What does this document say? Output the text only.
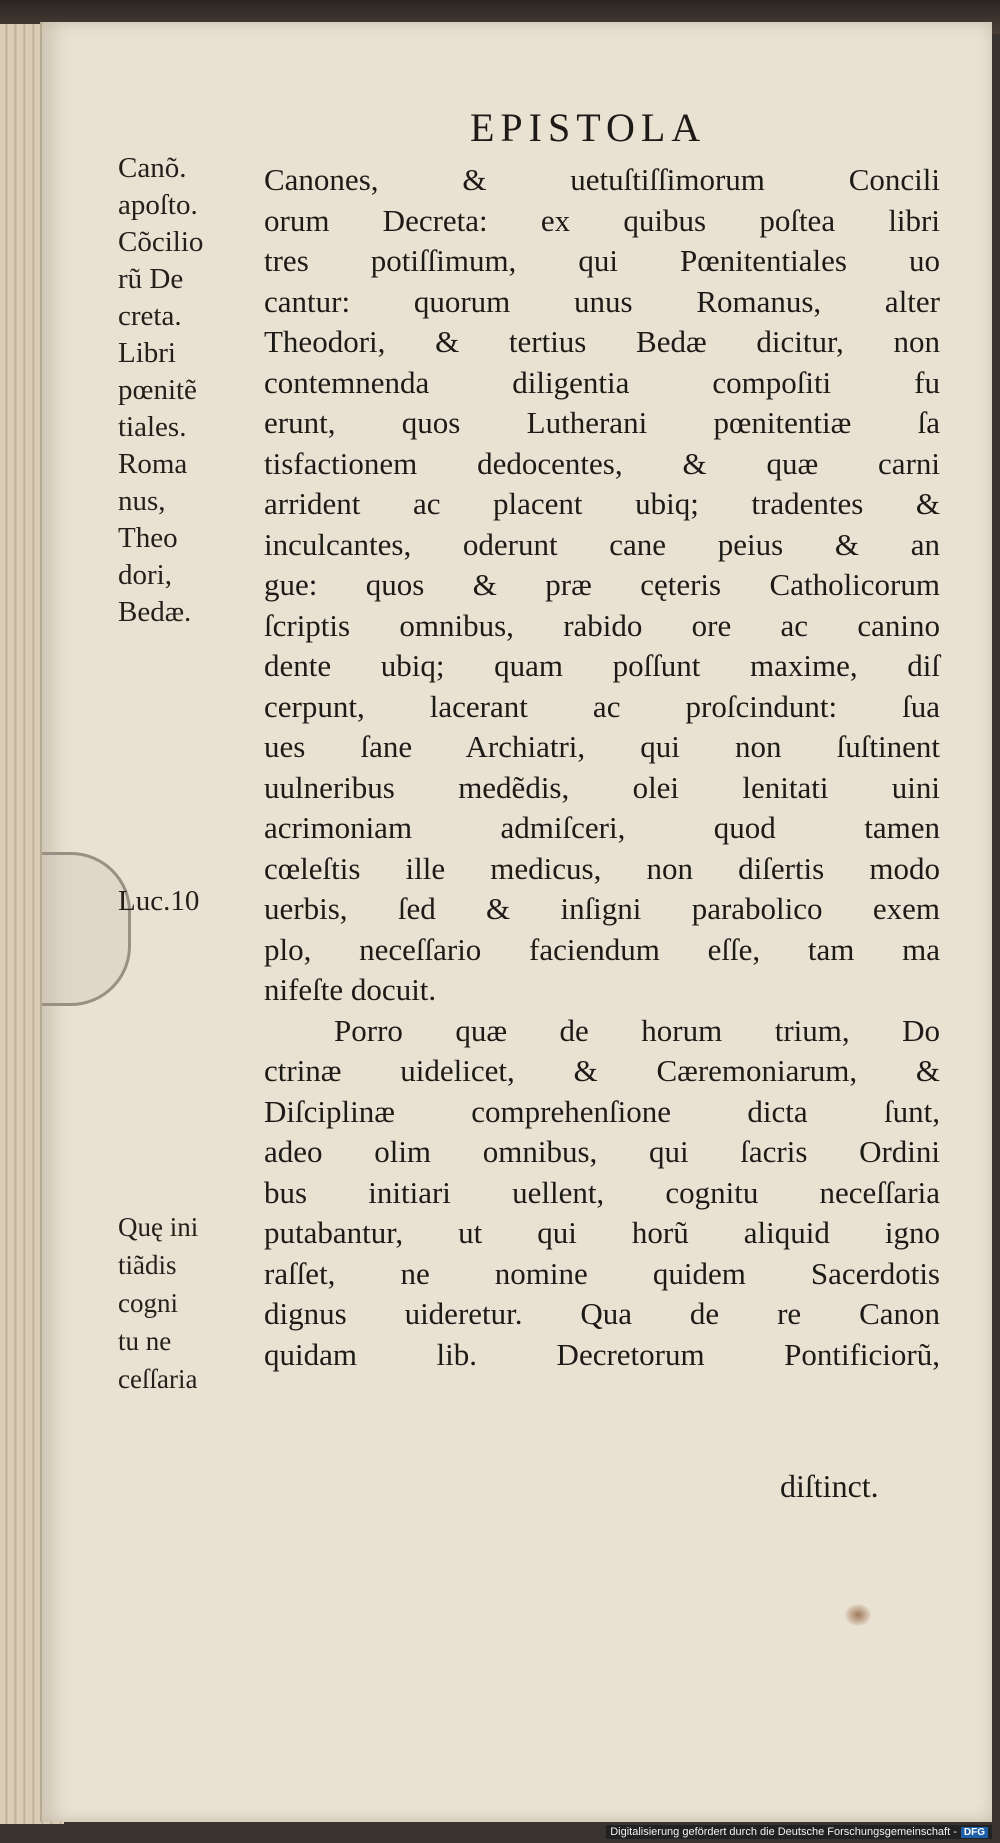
EPISTOLA
Canõ.
apoſto.
Cõcilio
rũ De
creta.
Libri
pœnitẽ
tiales.
Roma
nus,
Theo
dori,
Bedæ.
Luc.10
Quę ini
tiãdis
cogni
tu ne
ceſſaria
Canones, & uetuſtiſſimorum Concili
orum Decreta: ex quibus poſtea libri
tres potiſſimum, qui Pœnitentiales uo
cantur: quorum unus Romanus, alter
Theodori, & tertius Bedæ dicitur, non
contemnenda diligentia compoſiti fu
erunt, quos Lutherani pœnitentiæ ſa
tisfactionem dedocentes, & quæ carni
arrident ac placent ubiq; tradentes &
inculcantes, oderunt cane peius & an
gue: quos & præ cęteris Catholicorum
ſcriptis omnibus, rabido ore ac canino
dente ubiq; quam poſſunt maxime, diſ
cerpunt, lacerant ac proſcindunt: ſua
ues ſane Archiatri, qui non ſuſtinent
uulneribus medẽdis, olei lenitati uini
acrimoniam admiſceri, quod tamen
cœleſtis ille medicus, non diſertis modo
uerbis, ſed & inſigni parabolico exem
plo, neceſſario faciendum eſſe, tam ma
nifeſte docuit.
Porro quæ de horum trium, Do
ctrinæ uidelicet, & Cæremoniarum, &
Diſciplinæ comprehenſione dicta ſunt,
adeo olim omnibus, qui ſacris Ordini
bus initiari uellent, cognitu neceſſaria
putabantur, ut qui horũ aliquid igno
raſſet, ne nomine quidem Sacerdotis
dignus uideretur. Qua de re Canon
quidam lib. Decretorum Pontificiorũ,
diſtinct.
Digitalisierung gefördert durch die Deutsche Forschungsgemeinschaft - DFG
